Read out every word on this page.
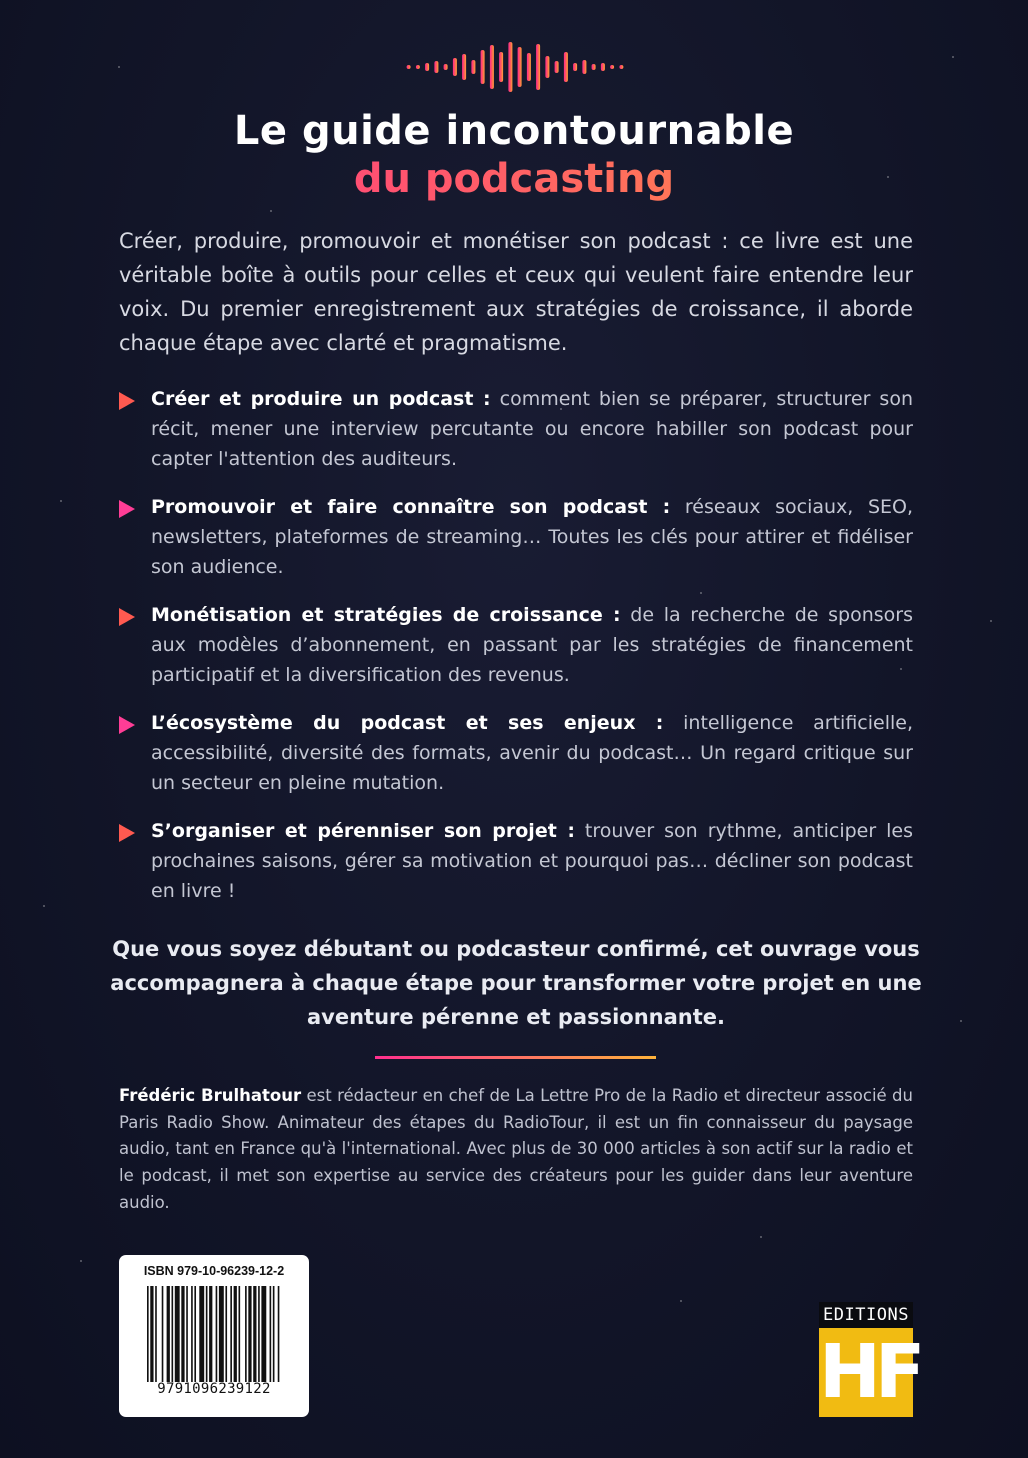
Le guide incontournable
du podcasting
Créer, produire, promouvoir et monétiser son podcast : ce livre est une véritable boîte à outils pour celles et ceux qui veulent faire entendre leur voix. Du premier enregistrement aux stratégies de croissance, il aborde chaque étape avec clarté et pragmatisme.
Créer et produire un podcast : comment bien se préparer, structurer son récit, mener une interview percutante ou encore habiller son podcast pour capter l'attention des auditeurs.
Promouvoir et faire connaître son podcast : réseaux sociaux, SEO, newsletters, plateformes de streaming… Toutes les clés pour attirer et fidéliser son audience.
Monétisation et stratégies de croissance : de la recherche de sponsors aux modèles d’abonnement, en passant par les stratégies de financement participatif et la diversification des revenus.
L’écosystème du podcast et ses enjeux : intelligence artificielle, accessibilité, diversité des formats, avenir du podcast… Un regard critique sur un secteur en pleine mutation.
S’organiser et pérenniser son projet : trouver son rythme, anticiper les prochaines saisons, gérer sa motivation et pourquoi pas… décliner son podcast en livre !
Que vous soyez débutant ou podcasteur confirmé, cet ouvrage vous accompagnera à chaque étape pour transformer votre projet en une aventure pérenne et passionnante.
Frédéric Brulhatour est rédacteur en chef de La Lettre Pro de la Radio et directeur associé du Paris Radio Show. Animateur des étapes du RadioTour, il est un fin connaisseur du paysage audio, tant en France qu'à l'international. Avec plus de 30 000 articles à son actif sur la radio et le podcast, il met son expertise au service des créateurs pour les guider dans leur aventure audio.
ISBN 979-10-96239-12-2
9791096239122
EDITIONS
HF
